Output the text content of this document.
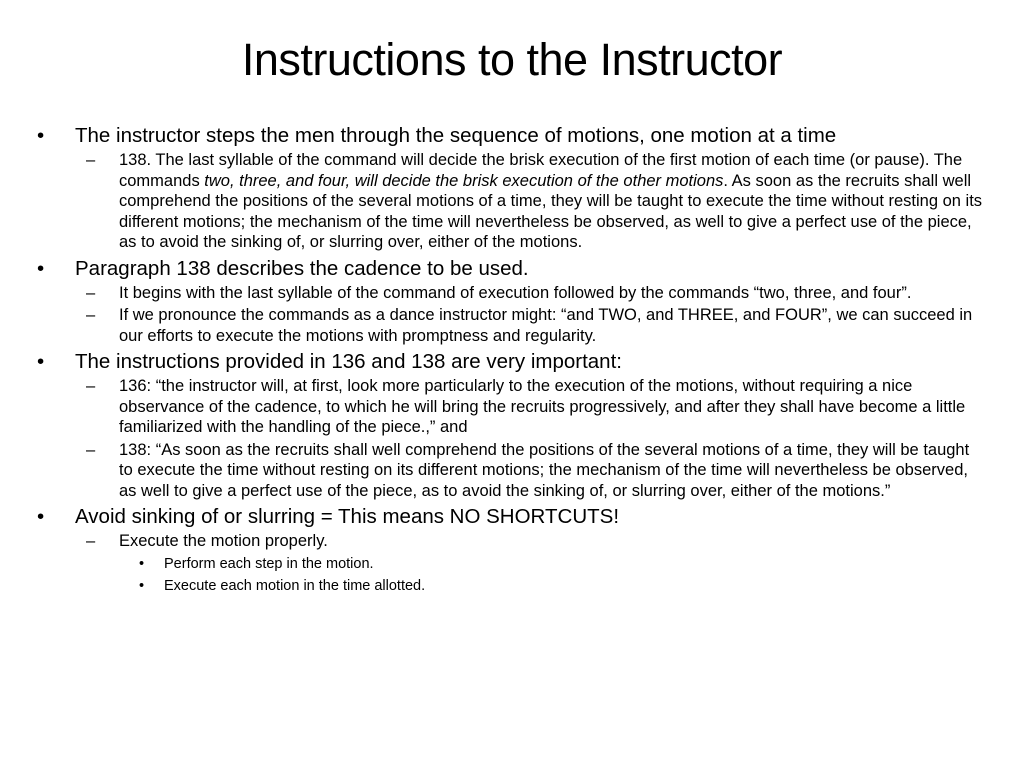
Instructions to the Instructor
•	The instructor steps the men through the sequence of motions, one motion at a time
– 138. The last syllable of the command will decide the brisk execution of the first motion of each time (or pause). The commands two, three, and four, will decide the brisk execution of the other motions. As soon as the recruits shall well comprehend the positions of the several motions of a time, they will be taught to execute the time without resting on its different motions; the mechanism of the time will nevertheless be observed, as well to give a perfect use of the piece, as to avoid the sinking of, or slurring over, either of the motions.
•	Paragraph 138 describes the cadence to be used.
– It begins with the last syllable of the command of execution followed by the commands “two, three, and four”.
– If we pronounce the commands as a dance instructor might: “and TWO, and THREE, and FOUR”, we can succeed in our efforts to execute the motions with promptness and regularity.
•	The instructions provided in 136 and 138 are very important:
– 136: “the instructor will, at first, look more particularly to the execution of the motions, without requiring a nice observance of the cadence, to which he will bring the recruits progressively, and after they shall have become a little familiarized with the handling of the piece.,” and
– 138: “As soon as the recruits shall well comprehend the positions of the several motions of a time, they will be taught to execute the time without resting on its different motions; the mechanism of the time will nevertheless be observed, as well to give a perfect use of the piece, as to avoid the sinking of, or slurring over, either of the motions.”
•	Avoid sinking of or slurring = This means NO SHORTCUTS!
– Execute the motion properly.
• Perform each step in the motion.
• Execute each motion in the time allotted.
